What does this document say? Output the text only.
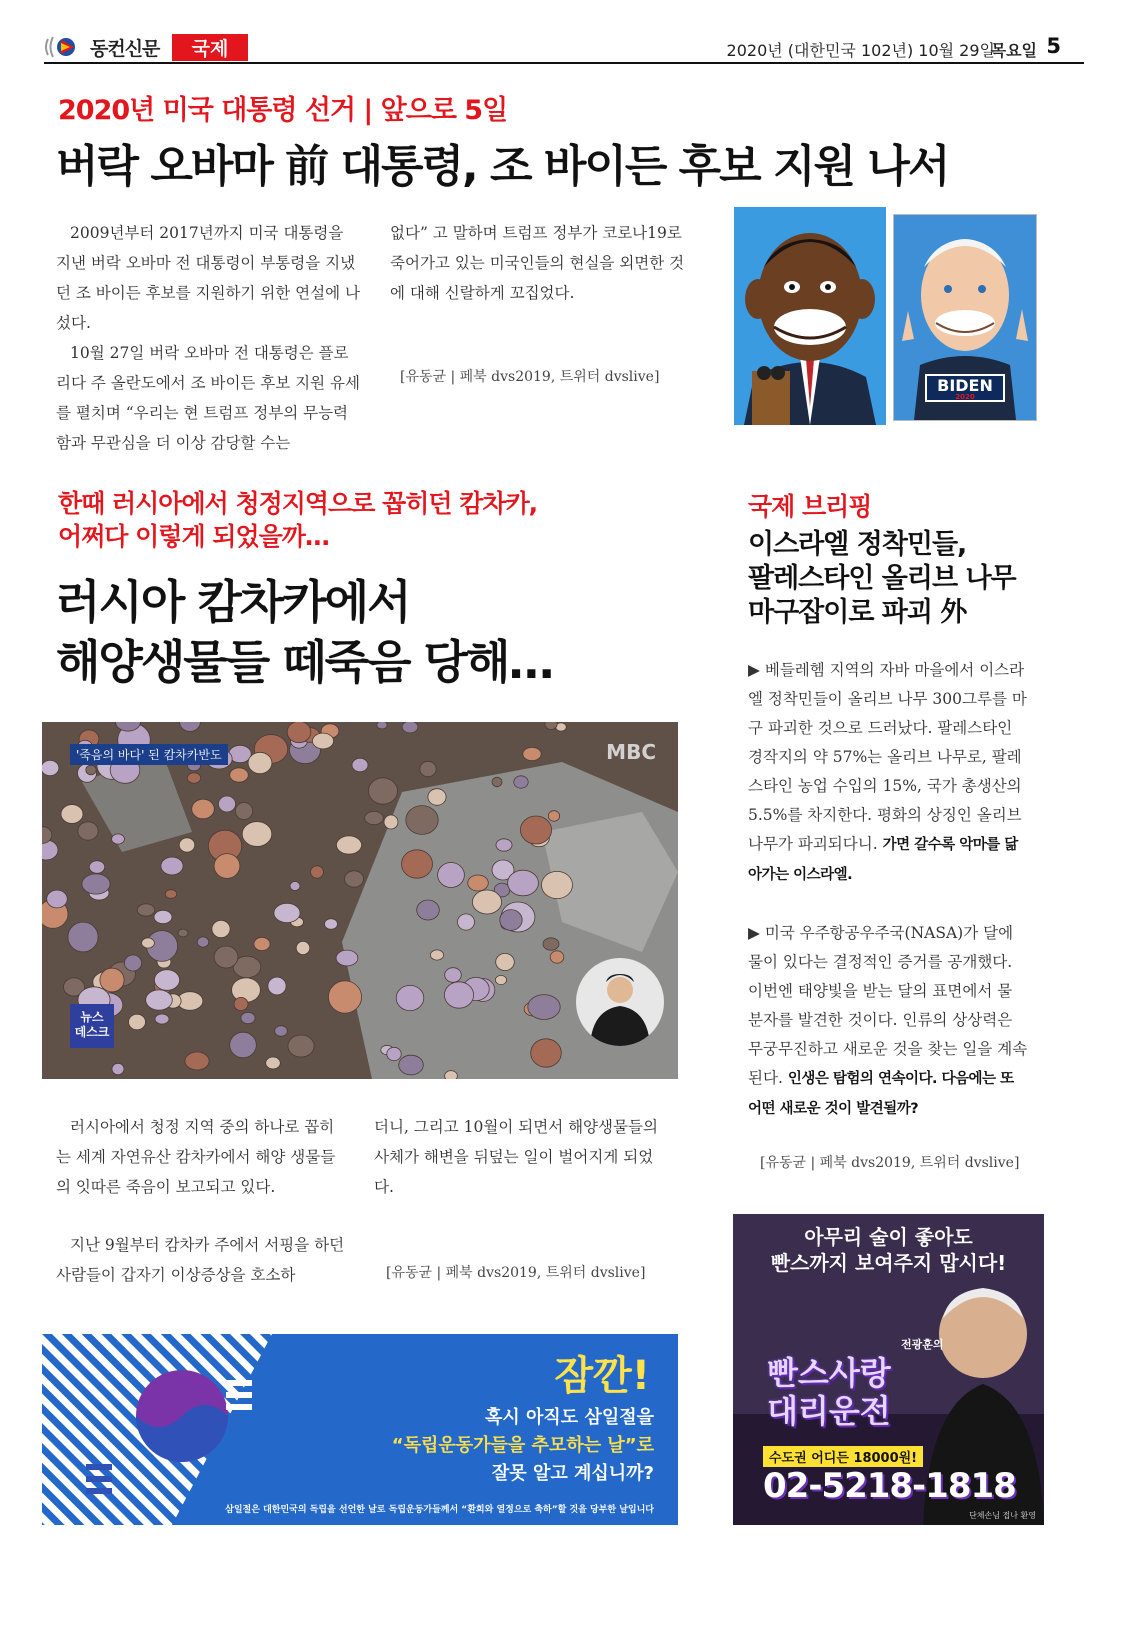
동컨신문	국제	2020년 (대한민국 102년) 10월 29일
목요일 5
2020년 미국 대통령 선거 | 앞으로 5일
버락 오바마 前 대통령, 조 바이든 후보 지원 나서

2009년부터 2017년까지 미국 대통령을 지낸 버락 오바마 전 대통령이 부통령을 지냈던 조 바이든 후보를 지원하기 위한 연설에 나섰다.

10월 27일 버락 오바마 전 대통령은 플로리다 주 올란도에서 조 바이든 후보 지원 유세를 펼치며 “우리는 현 트럼프 정부의 무능력함과 무관심을 더 이상 감당할 수는

없다” 고 말하며 트럼프 정부가 코로나19로 죽어가고 있는 미국인들의 현실을 외면한 것에 대해 신랄하게 꼬집었다.

[유동균 | 페북 dvs2019, 트위터 dvslive]	BIDEN
2020
한때 러시아에서 청정지역으로 꼽히던 캄차카,
어쩌다 이렇게 되었을까…
러시아 캄차카에서
해양생물들 떼죽음 당해…
'죽음의 바다' 된 캄차카반도	MBC
뉴스
데스크

러시아에서 청정 지역 중의 하나로 꼽히는 세계 자연유산 캄차카에서 해양 생물들의 잇따른 죽음이 보고되고 있다.

지난 9월부터 캄차카 주에서 서핑을 하던 사람들이 갑자기 이상증상을 호소하

더니, 그리고 10월이 되면서 해양생물들의 사체가 해변을 뒤덮는 일이 벌어지게 되었다.

[유동균 | 페북 dvs2019, 트위터 dvslive]
국제 브리핑
이스라엘 정착민들,
팔레스타인 올리브 나무
마구잡이로 파괴 外

▶ 베들레헴 지역의 자바 마을에서 이스라엘 정착민들이 올리브 나무 300그루를 마구 파괴한 것으로 드러났다. 팔레스타인 경작지의 약 57%는 올리브 나무로, 팔레스타인 농업 수입의 15%, 국가 총생산의 5.5%를 차지한다. 평화의 상징인 올리브 나무가 파괴되다니. 가면 갈수록 악마를 닮아가는 이스라엘.

▶ 미국 우주항공우주국(NASA)가 달에 물이 있다는 결정적인 증거를 공개했다. 이번엔 태양빛을 받는 달의 표면에서 물 분자를 발견한 것이다. 인류의 상상력은 무궁무진하고 새로운 것을 찾는 일을 계속된다. 인생은 탐험의 연속이다. 다음에는 또 어떤 새로운 것이 발견될까?

[유동균 | 페북 dvs2019, 트위터 dvslive]
잠깐!
혹시 아직도 삼일절을
“독립운동가들을 추모하는 날”로
잘못 알고 계십니까?
삼일절은 대한민국의 독립을 선언한 날로 독립운동가들께서 “환희와 열정으로 축하”할 것을 당부한 날입니다
아무리 술이 좋아도
빤스까지 보여주지 맙시다!
전광훈의
빤스사랑
대리운전
수도권 어디든 18000원!
02-5218-1818
단체손님 접나 환영
